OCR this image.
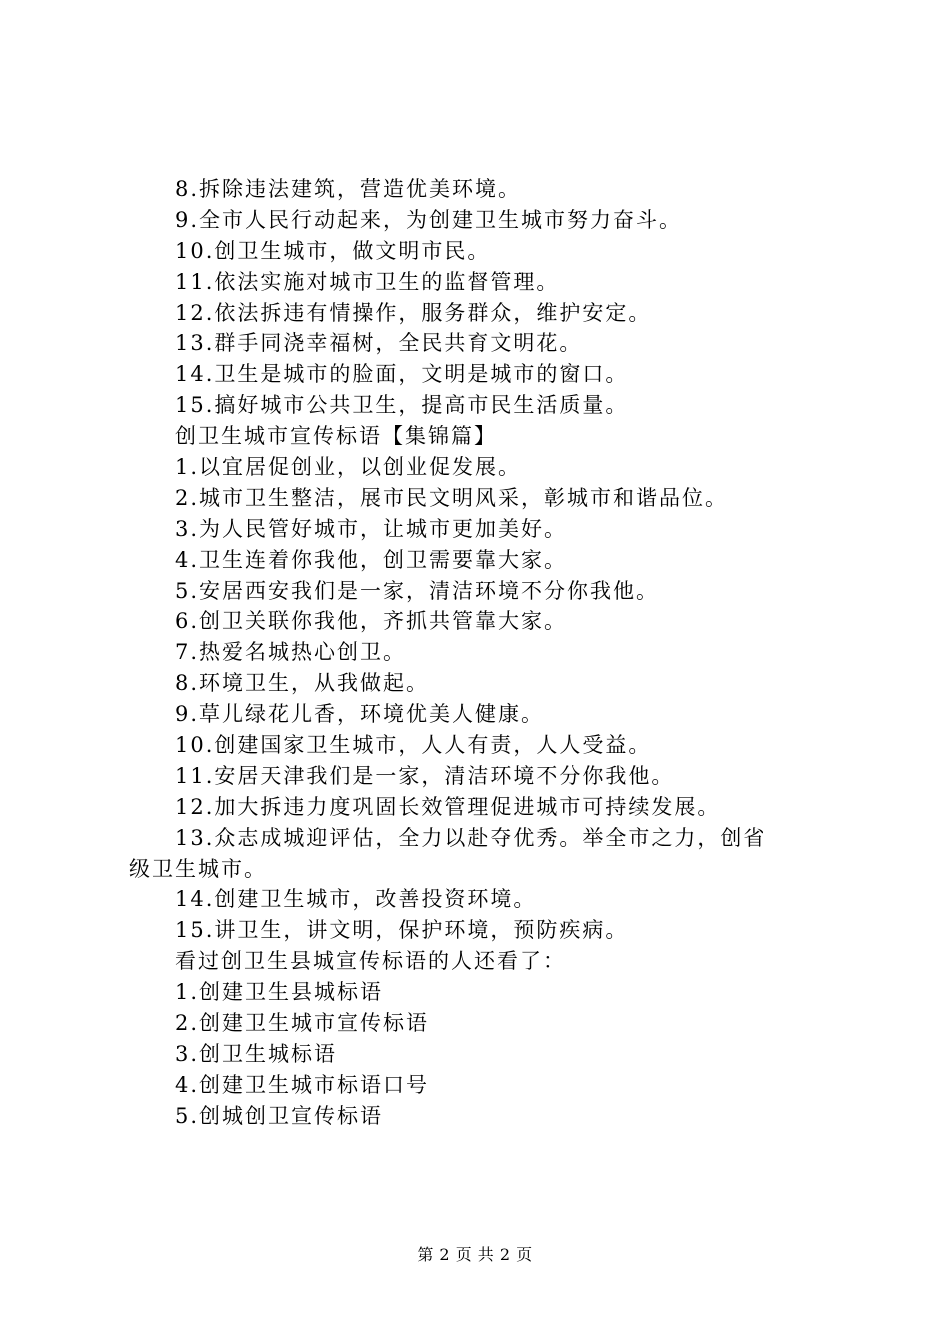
8.拆除违法建筑，营造优美环境。
9.全市人民行动起来，为创建卫生城市努力奋斗。
10.创卫生城市，做文明市民。
11.依法实施对城市卫生的监督管理。
12.依法拆违有情操作，服务群众，维护安定。
13.群手同浇幸福树，全民共育文明花。
14.卫生是城市的脸面，文明是城市的窗口。
15.搞好城市公共卫生，提高市民生活质量。
创卫生城市宣传标语【集锦篇】
1.以宜居促创业，以创业促发展。
2.城市卫生整洁，展市民文明风采，彰城市和谐品位。
3.为人民管好城市，让城市更加美好。
4.卫生连着你我他，创卫需要靠大家。
5.安居西安我们是一家，清洁环境不分你我他。
6.创卫关联你我他，齐抓共管靠大家。
7.热爱名城热心创卫。
8.环境卫生，从我做起。
9.草儿绿花儿香，环境优美人健康。
10.创建国家卫生城市，人人有责，人人受益。
11.安居天津我们是一家，清洁环境不分你我他。
12.加大拆违力度巩固长效管理促进城市可持续发展。
13.众志成城迎评估，全力以赴夺优秀。举全市之力，创省
级卫生城市。
14.创建卫生城市，改善投资环境。
15.讲卫生，讲文明，保护环境，预防疾病。
看过创卫生县城宣传标语的人还看了：
1.创建卫生县城标语
2.创建卫生城市宣传标语
3.创卫生城标语
4.创建卫生城市标语口号
5.创城创卫宣传标语
第 2 页 共 2 页
